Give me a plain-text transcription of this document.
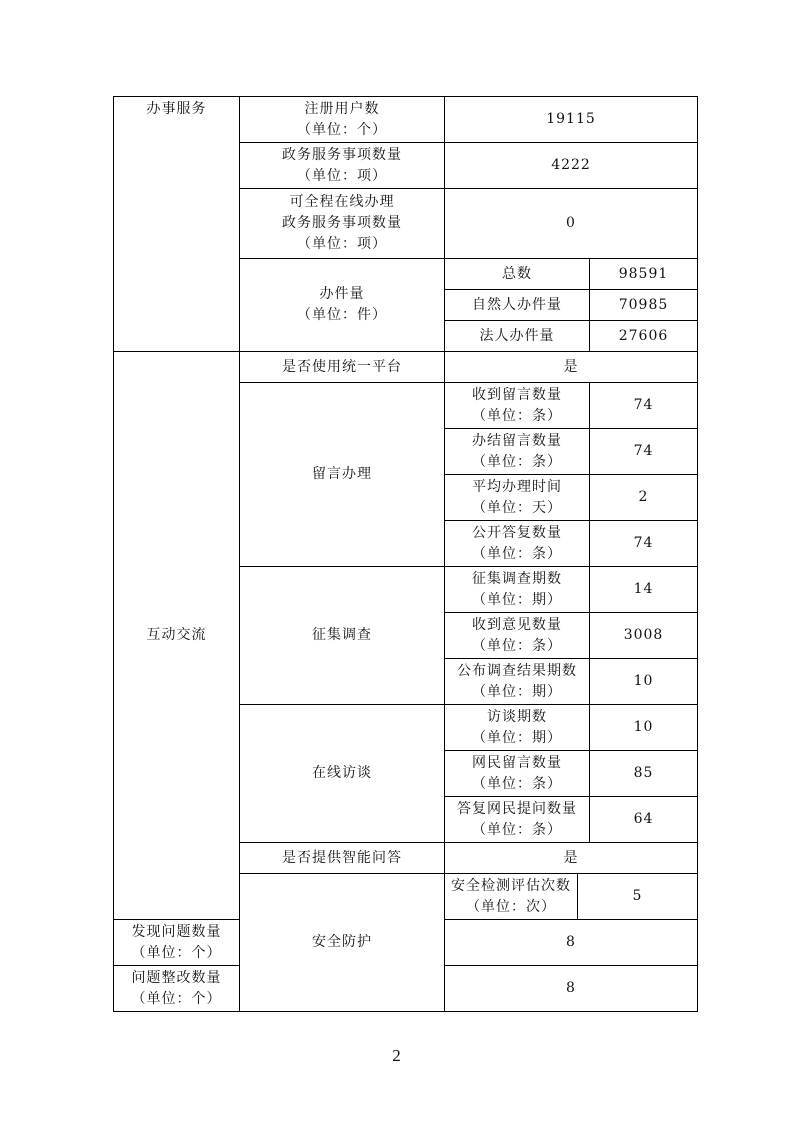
办事服务	注册用户数
（单位：个）	19115		

	政务服务事项数量
（单位：项）	4222		

	可全程在线办理
政务服务事项数量
（单位：项）	0		

	办件量
（单位：件）	总数		98591
		自然人办件量		70985
		法人办件量		27606
互动交流	是否使用统一平台	是		
	留言办理	收到留言数量
（单位：条）		74

		办结留言数量
（单位：条）		74

		平均办理时间
（单位：天）		2

		公开答复数量
（单位：条）		74
	征集调查	征集调查期数
（单位：期）		14

		收到意见数量
（单位：条）		3008

		公布调查结果期数
（单位：期）		10
	在线访谈	访谈期数
（单位：期）		10

		网民留言数量
（单位：条）		85

		答复网民提问数量
（单位：条）		64
	是否提供智能问答	是		
	安全防护	安全检测评估次数
（单位：次）	5	

发现问题数量
（单位：个）		8		

问题整改数量
（单位：个）		8		
2
